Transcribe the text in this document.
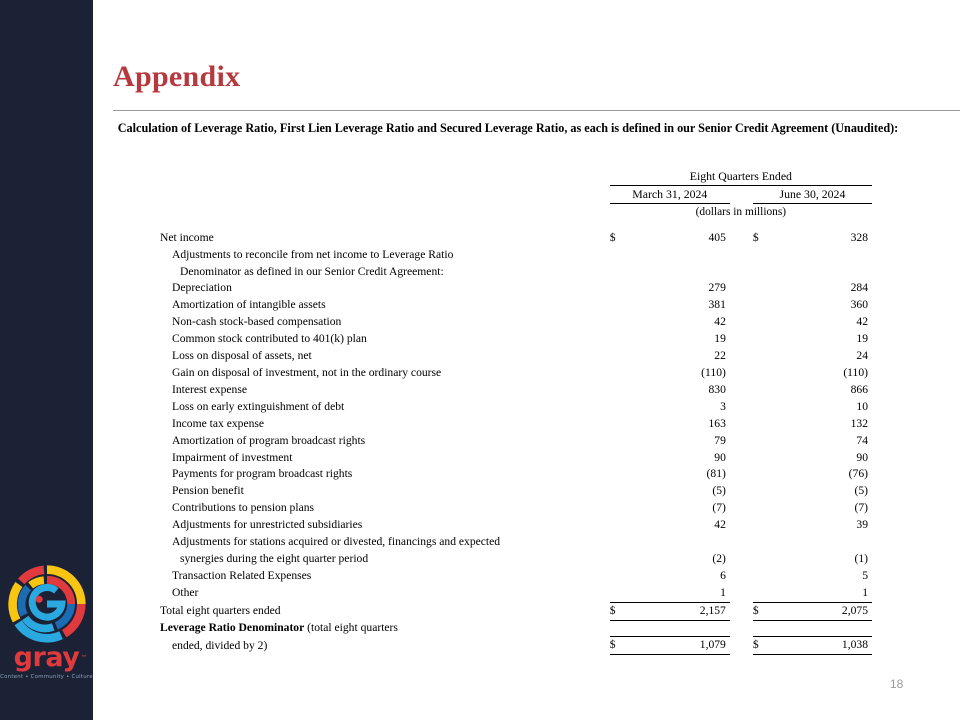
gray ™
Content • Community • Culture
Appendix
Calculation of Leverage Ratio, First Lien Leverage Ratio and Secured Leverage Ratio, as each is defined in our Senior Credit Agreement (Unaudited):
		Eight Quarters Ended				
		March 31, 2024			June 30, 2024	
		(dollars in millions)				

Net income		$	405		$	328
Adjustments to reconcile from net income to Leverage Ratio						
Denominator as defined in our Senior Credit Agreement:						
Depreciation			279			284
Amortization of intangible assets			381			360
Non-cash stock-based compensation			42			42
Common stock contributed to 401(k) plan			19			19
Loss on disposal of assets, net			22			24
Gain on disposal of investment, not in the ordinary course			(110)			(110)
Interest expense			830			866
Loss on early extinguishment of debt			3			10
Income tax expense			163			132
Amortization of program broadcast rights			79			74
Impairment of investment			90			90
Payments for program broadcast rights			(81)			(76)
Pension benefit			(5)			(5)
Contributions to pension plans			(7)			(7)
Adjustments for unrestricted subsidiaries			42			39
Adjustments for stations acquired or divested, financings and expected						
synergies during the eight quarter period			(2)			(1)
Transaction Related Expenses			6			5
Other			1			1
Total eight quarters ended		$	2,157		$	2,075
Leverage Ratio Denominator (total eight quarters						
ended, divided by 2)		$	1,079		$	1,038
18
